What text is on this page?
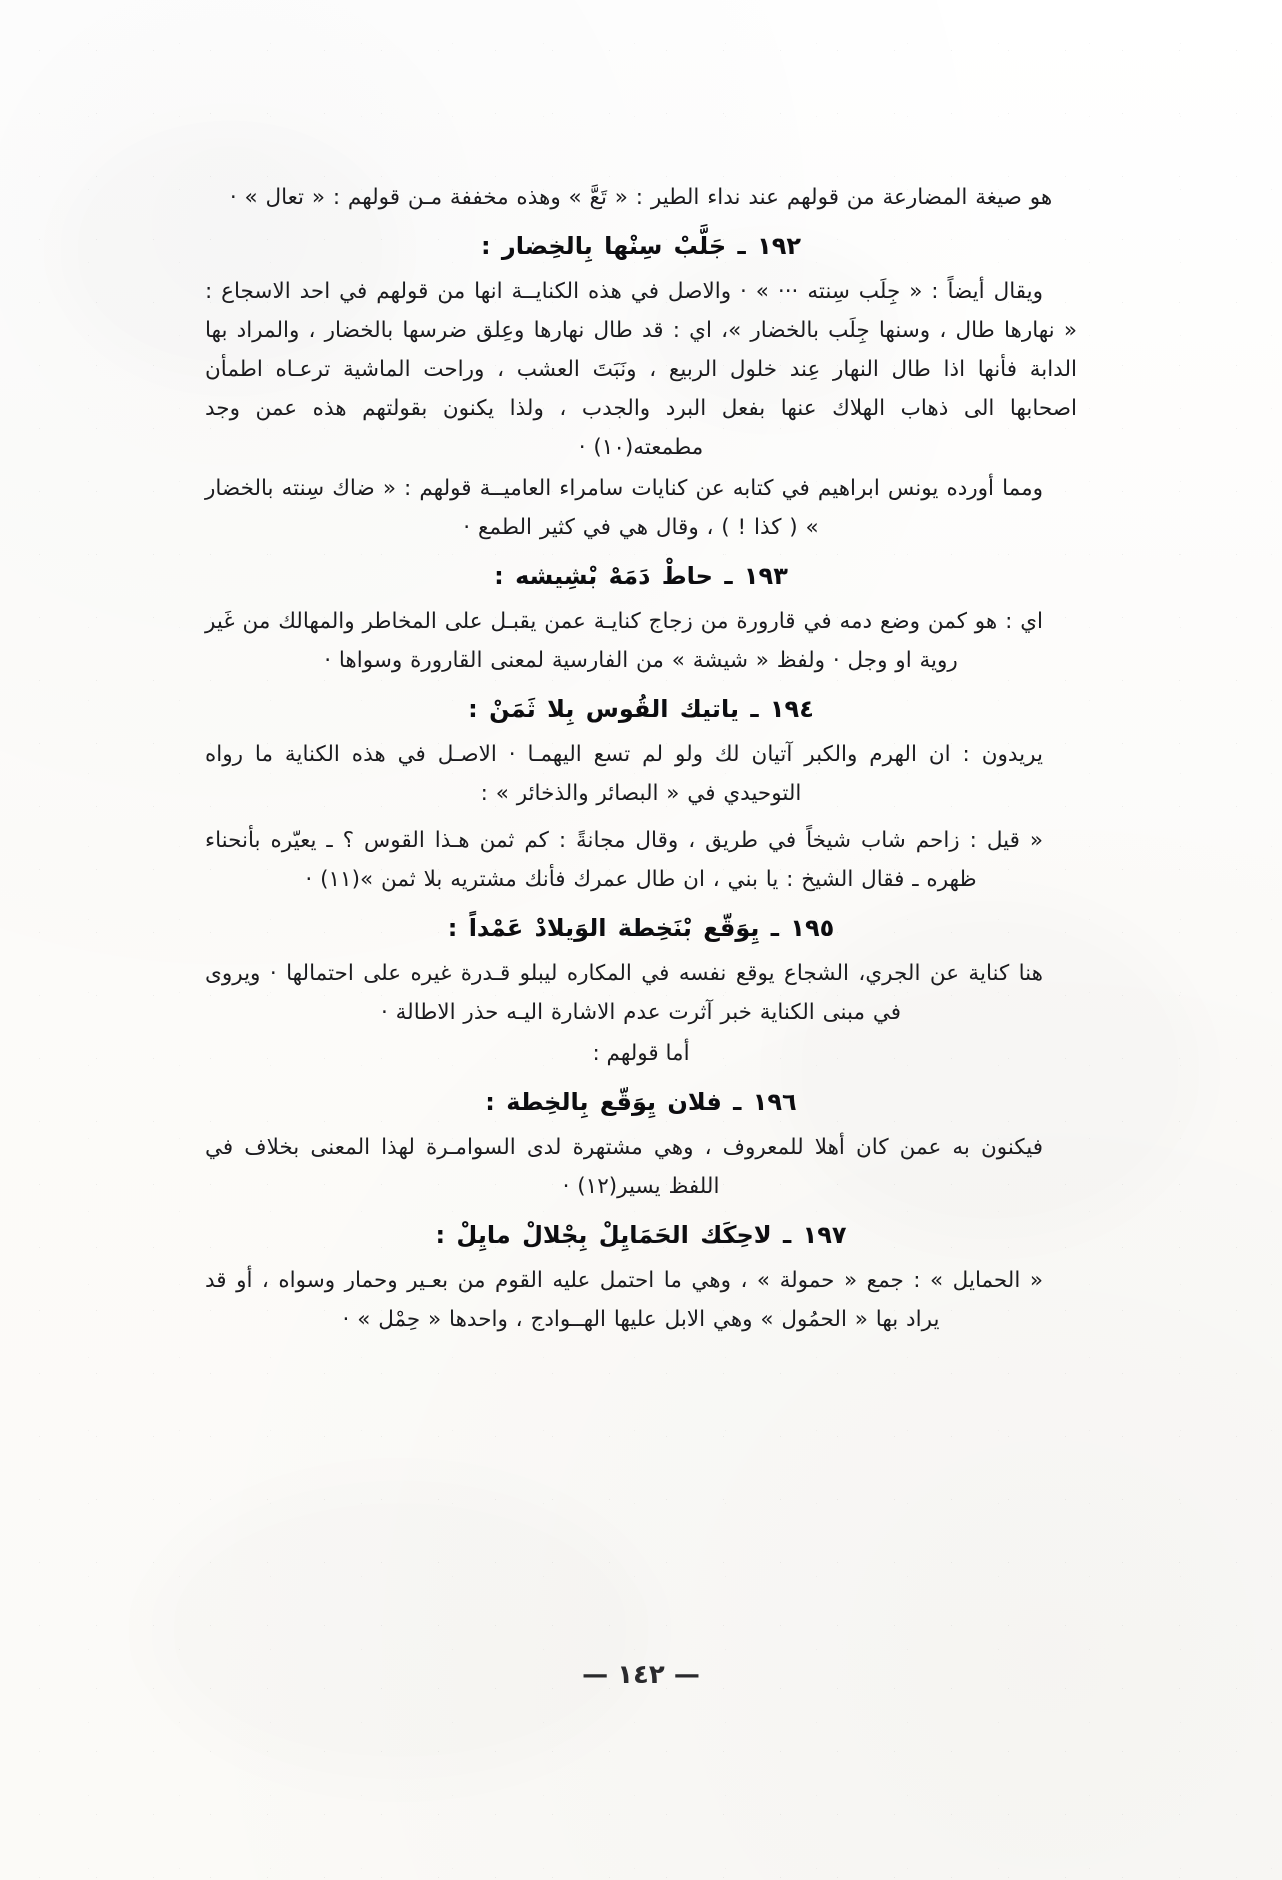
هو صيغة المضارعة من قولهم عند نداء الطير : « تَعَّ » وهذه مخففة مـن قولهم : « تعال » ·

١٩٢ ـ جَلَّبْ سِنْها بِالخِضار :

ويقال أيضاً : « جِلَب سِنته ··· » · والاصل في هذه الكنايــة انها من قولهم في احد الاسجاع : « نهارها طال ، وسنها جِلَب بالخضار »، اي : قد طال نهارها وعِلق ضرسها بالخضار ، والمراد بها الدابة فأنها اذا طال النهار عِند خلول الربيع ، ونَبَتَ العشب ، وراحت الماشية ترعـاه اطمأن اصحابها الى ذهاب الهلاك عنها بفعل البرد والجدب ، ولذا يكنون بقولتهم هذه عمن وجد مطمعته(١٠) ·

ومما أورده يونس ابراهيم في كتابه عن كنايات سامراء العاميــة قولهم : « ضاك سِنته بالخضار » ( كذا ! ) ، وقال هي في كثير الطمع ·

١٩٣ ـ حاطْ دَمَهْ بْشِيشه :

اي : هو كمن وضع دمه في قارورة من زجاج كنايـة عمن يقبـل على المخاطر والمهالك من غَير روية او وجل · ولفظ « شيشة » من الفارسية لمعنى القارورة وسواها ·

١٩٤ ـ ياتيك القُوس بِلا ثَمَنْ :

يريدون : ان الهرم والكبر آتيان لك ولو لم تسع اليهمـا · الاصـل في هذه الكناية ما رواه التوحيدي في « البصائر والذخائر » :

« قيل : زاحم شاب شيخاً في طريق ، وقال مجانةً : كم ثمن هـذا القوس ؟ ـ يعيّره بأنحناء ظهره ـ فقال الشيخ : يا بني ، ان طال عمرك فأنك مشتريه بلا ثمن »(١١) ·

١٩٥ ـ يِوَقّع بْنَخِطة الوَيلادْ عَمْداً :

هنا كناية عن الجري، الشجاع يوقع نفسه في المكاره ليبلو قـدرة غيره على احتمالها · ويروى في مبنى الكناية خبر آثرت عدم الاشارة اليـه حذر الاطالة ·

أما قولهم :

١٩٦ ـ فلان يِوَقّع بِالخِطة :

فيكنون به عمن كان أهلا للمعروف ، وهي مشتهرة لدى السوامـرة لهذا المعنى بخلاف في اللفظ يسير(١٢) ·

١٩٧ ـ لاحِكَك الحَمَايِلْ بِجْلالْ مايِلْ :

« الحمايل » : جمع « حمولة » ، وهي ما احتمل عليه القوم من بعـير وحمار وسواه ، أو قد يراد بها « الحمُول » وهي الابل عليها الهــوادج ، واحدها « حِمْل » ·

— ١٤٢ —
